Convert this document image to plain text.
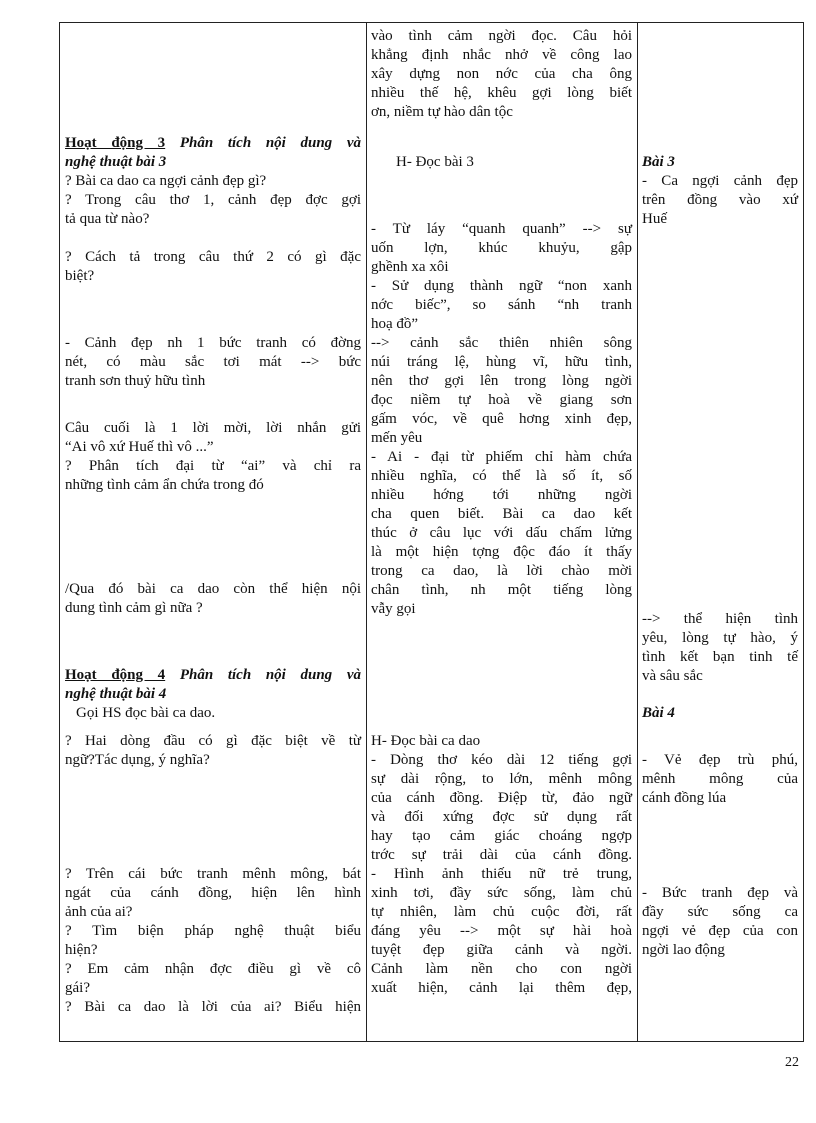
Hoạt động 3 Phân tích nội dung và
nghệ thuật bài 3
? Bài ca dao ca ngợi cảnh đẹp gì?
? Trong câu thơ 1, cảnh đẹp đợc gợi
tả qua từ nào?
? Cách tả trong câu thứ 2 có gì đặc
biệt?
- Cảnh đẹp nh 1 bức tranh có đờng
nét, có màu sắc tơi mát --> bức
tranh sơn thuỷ hữu tình
Câu cuối là 1 lời mời, lời nhắn gửi
“Ai vô xứ Huế thì vô ...”
? Phân tích đại từ “ai” và chỉ ra
những tình cảm ẩn chứa trong đó
/Qua đó bài ca dao còn thể hiện nội
dung tình cảm gì nữa ?
Hoạt động 4 Phân tích nội dung và
nghệ thuật bài 4
Gọi HS đọc bài ca dao.
? Hai dòng đầu có gì đặc biệt về từ
ngữ?Tác dụng, ý nghĩa?
? Trên cái bức tranh mênh mông, bát
ngát của cánh đồng, hiện lên hình
ảnh của ai?
? Tìm biện pháp nghệ thuật biểu
hiện?
? Em cảm nhận đợc điều gì về cô
gái?
? Bài ca dao là lời của ai? Biểu hiện
vào tình cảm ngời đọc. Câu hỏi
khẳng định nhắc nhở về công lao
xây dựng non nớc của cha ông
nhiều thế hệ, khêu gợi lòng biết
ơn, niềm tự hào dân tộc
H- Đọc bài 3
- Từ láy “quanh quanh” --> sự
uốn lợn, khúc khuỷu, gập
ghềnh xa xôi
- Sử dụng thành ngữ “non xanh
nớc biếc”, so sánh “nh tranh
hoạ đồ”
--> cảnh sắc thiên nhiên sông
núi tráng lệ, hùng vĩ, hữu tình,
nên thơ gợi lên trong lòng ngời
đọc niềm tự hoà về giang sơn
gấm vóc, về quê hơng xinh đẹp,
mến yêu
- Ai - đại từ phiếm chỉ hàm chứa
nhiều nghĩa, có thể là số ít, số
nhiều hớng tới những ngời
cha quen biết. Bài ca dao kết
thúc ở câu lục với dấu chấm lửng
là một hiện tợng độc đáo ít thấy
trong ca dao, là lời chào mời
chân tình, nh một tiếng lòng
vẫy gọi
H- Đọc bài ca dao
- Dòng thơ kéo dài 12 tiếng gợi
sự dài rộng, to lớn, mênh mông
của cánh đồng. Điệp từ, đảo ngữ
và đối xứng đợc sử dụng rất
hay tạo cảm giác choáng ngợp
trớc sự trải dài của cánh đồng.
- Hình ảnh thiếu nữ trẻ trung,
xinh tơi, đầy sức sống, làm chủ
tự nhiên, làm chủ cuộc đời, rất
đáng yêu --> một sự hài hoà
tuyệt đẹp giữa cảnh và ngời.
Cảnh làm nền cho con ngời
xuất hiện, cảnh lại thêm đẹp,
Bài 3
- Ca ngợi cảnh đẹp
trên đồng vào xứ
Huế
--> thể hiện tình
yêu, lòng tự hào, ý
tình kết bạn tinh tế
và sâu sắc
Bài 4
- Vẻ đẹp trù phú,
mênh mông của
cánh đồng lúa
- Bức tranh đẹp và
đầy sức sống ca
ngợi vẻ đẹp của con
ngời lao động
22
